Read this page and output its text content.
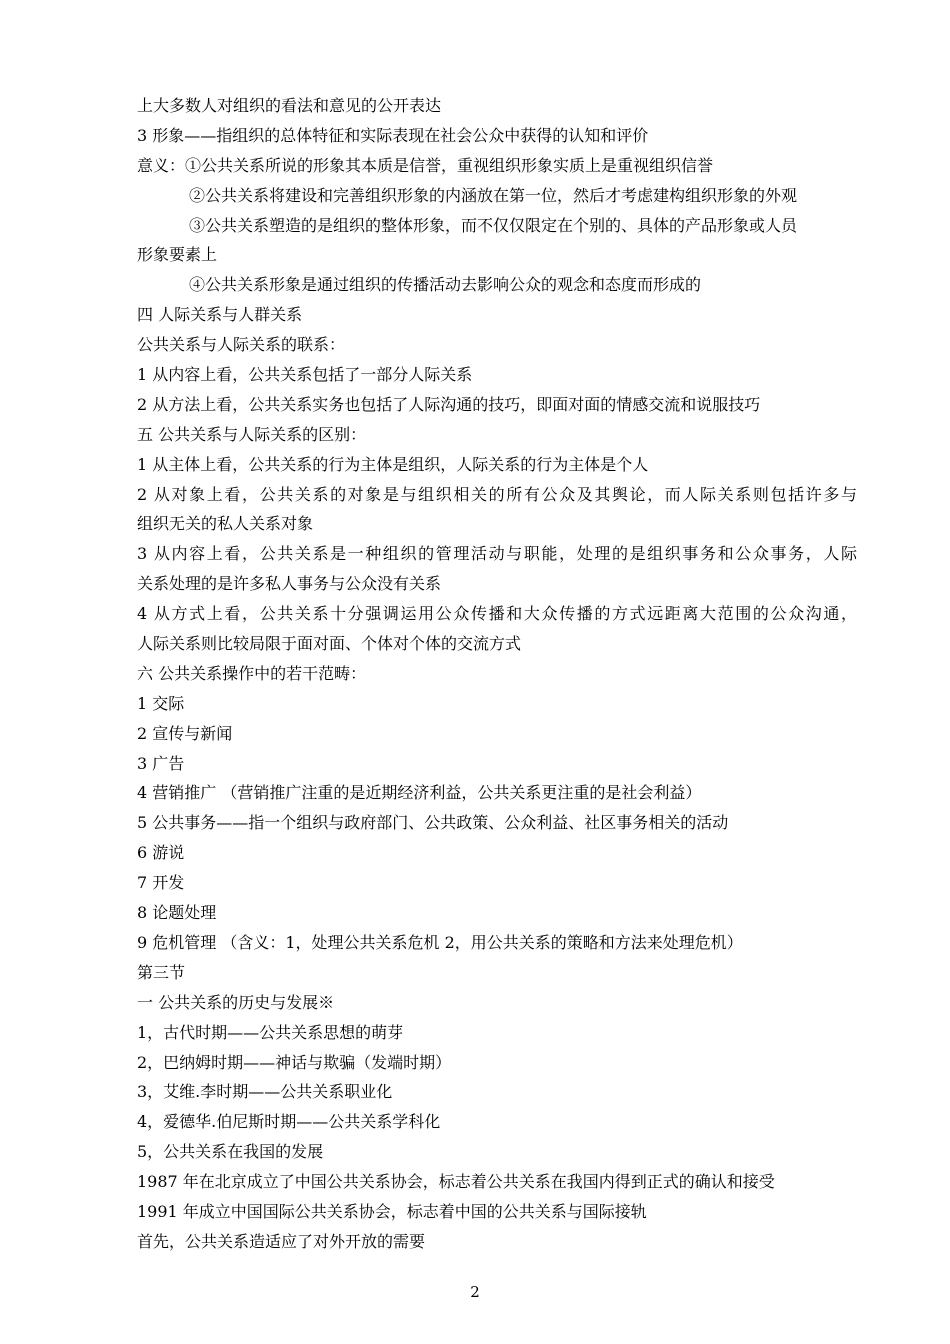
上大多数人对组织的看法和意见的公开表达
3 形象——指组织的总体特征和实际表现在社会公众中获得的认知和评价
意义：①公共关系所说的形象其本质是信誉，重视组织形象实质上是重视组织信誉
②公共关系将建设和完善组织形象的内涵放在第一位，然后才考虑建构组织形象的外观
③公共关系塑造的是组织的整体形象，而不仅仅限定在个别的、具体的产品形象或人员
形象要素上
④公共关系形象是通过组织的传播活动去影响公众的观念和态度而形成的
四 人际关系与人群关系
公共关系与人际关系的联系：
1 从内容上看，公共关系包括了一部分人际关系
2 从方法上看，公共关系实务也包括了人际沟通的技巧，即面对面的情感交流和说服技巧
五 公共关系与人际关系的区别：
1 从主体上看，公共关系的行为主体是组织，人际关系的行为主体是个人
2 从对象上看，公共关系的对象是与组织相关的所有公众及其舆论，而人际关系则包括许多与
组织无关的私人关系对象
3 从内容上看，公共关系是一种组织的管理活动与职能，处理的是组织事务和公众事务，人际
关系处理的是许多私人事务与公众没有关系
4 从方式上看，公共关系十分强调运用公众传播和大众传播的方式远距离大范围的公众沟通，
人际关系则比较局限于面对面、个体对个体的交流方式
六 公共关系操作中的若干范畴：
1 交际
2 宣传与新闻
3 广告
4 营销推广 （营销推广注重的是近期经济利益，公共关系更注重的是社会利益）
5 公共事务——指一个组织与政府部门、公共政策、公众利益、社区事务相关的活动
6 游说
7 开发
8 论题处理
9 危机管理 （含义：1，处理公共关系危机 2，用公共关系的策略和方法来处理危机）
第三节
一 公共关系的历史与发展※
1，古代时期——公共关系思想的萌芽
2，巴纳姆时期——神话与欺骗（发端时期）
3，艾维.李时期——公共关系职业化
4，爱德华.伯尼斯时期——公共关系学科化
5，公共关系在我国的发展
1987 年在北京成立了中国公共关系协会，标志着公共关系在我国内得到正式的确认和接受
1991 年成立中国国际公共关系协会，标志着中国的公共关系与国际接轨
首先，公共关系造适应了对外开放的需要
2
